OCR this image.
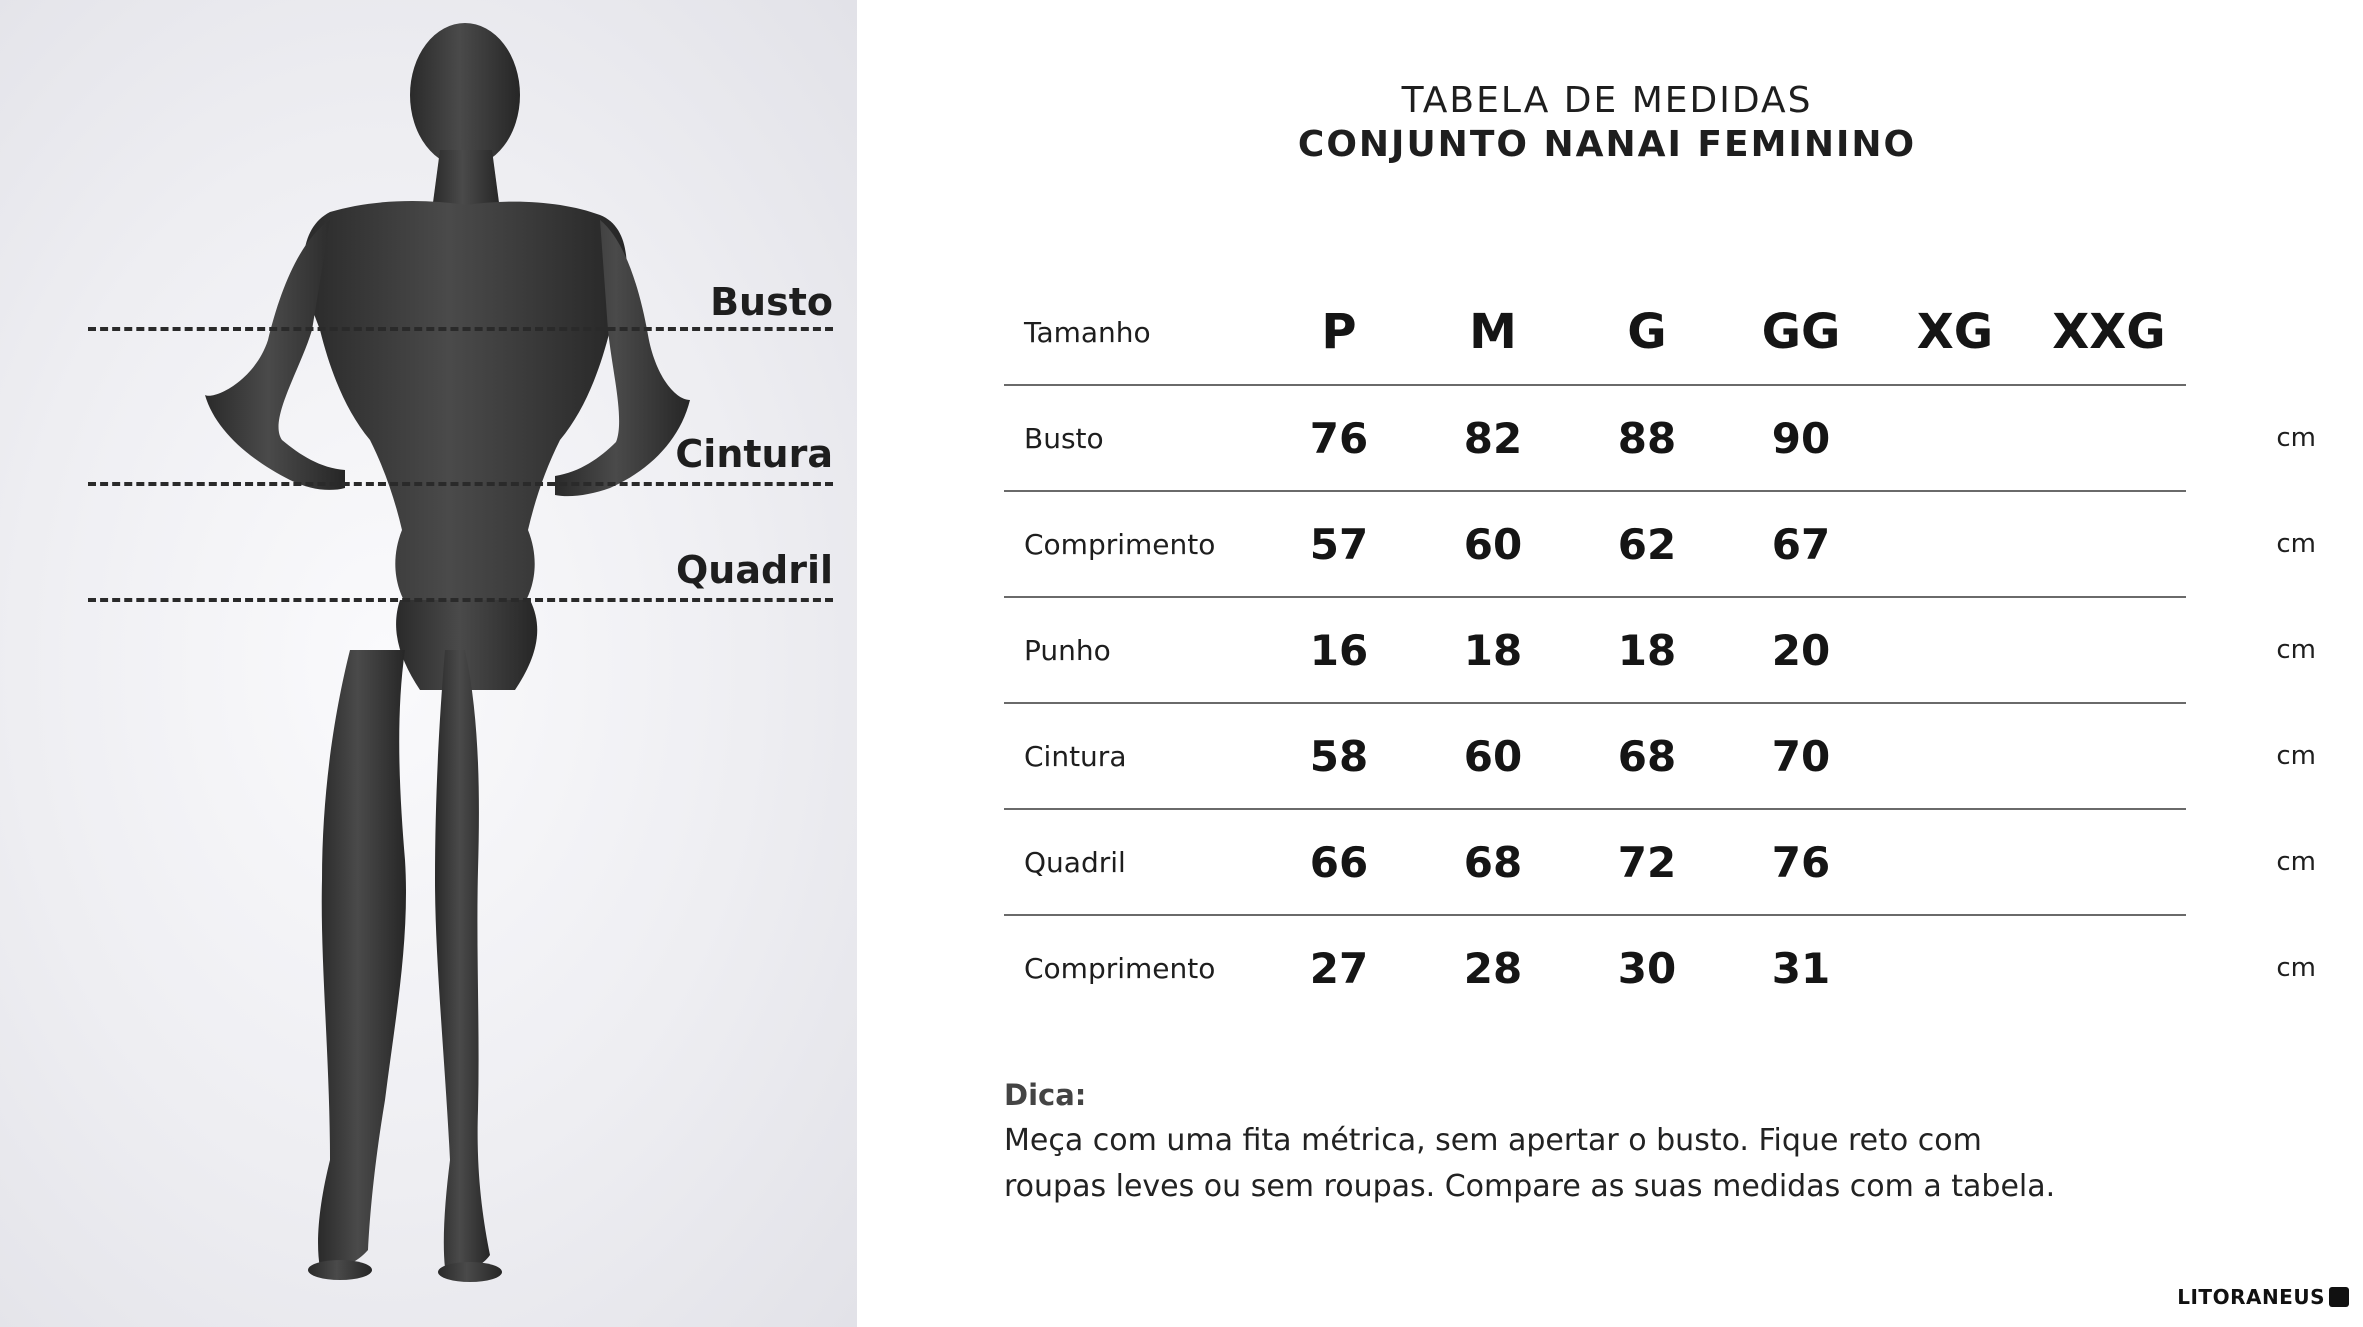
Busto
Cintura
Quadril
TABELA DE MEDIDAS
CONJUNTO NANAI FEMININO
Tamanho	P	M	G	GG	XG	XXG	
Busto	76	82	88	90			cm
Comprimento	57	60	62	67			cm
Punho	16	18	18	20			cm
Cintura	58	60	68	70			cm
Quadril	66	68	72	76			cm
Comprimento	27	28	30	31			cm
Dica:
Meça com uma fita métrica, sem apertar o busto. Fique reto com
roupas leves ou sem roupas. Compare as suas medidas com a tabela.
LITORANEUS
